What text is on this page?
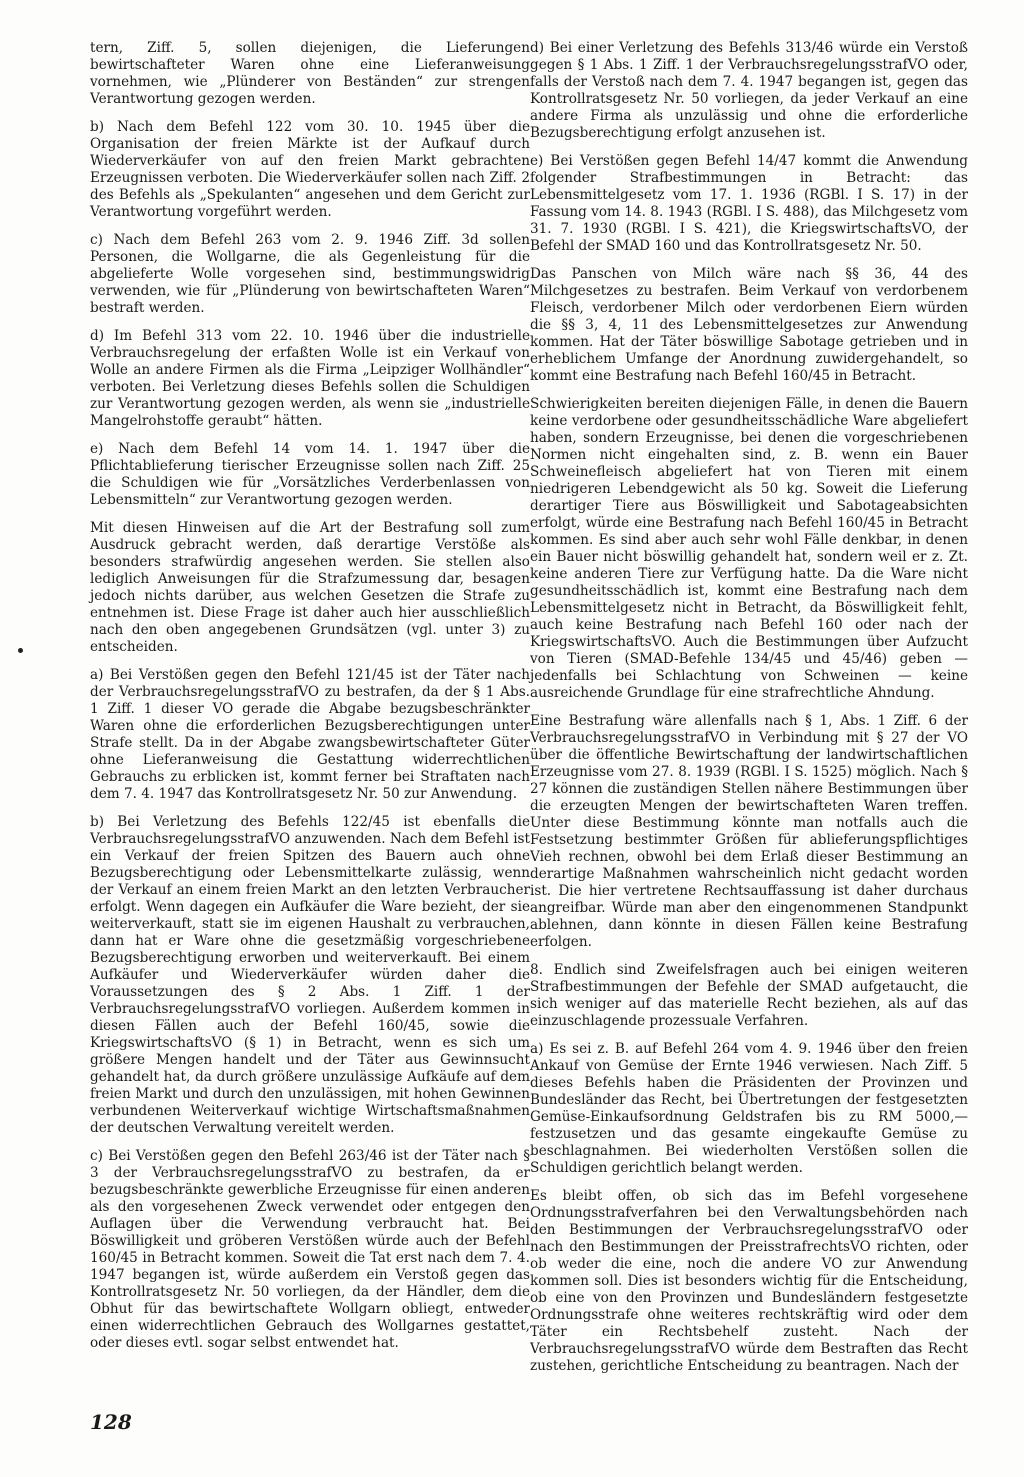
tern, Ziff. 5, sollen diejenigen, die Lieferungen bewirtschafteter Waren ohne eine Lieferanweisung vornehmen, wie „Plünderer von Beständen“ zur strengen Verantwortung gezogen werden.

b) Nach dem Befehl 122 vom 30. 10. 1945 über die Organisation der freien Märkte ist der Aufkauf durch Wiederverkäufer von auf den freien Markt gebrachten Erzeugnissen verboten. Die Wiederverkäufer sollen nach Ziff. 2 des Befehls als „Spekulanten“ angesehen und dem Gericht zur Verantwortung vorgeführt werden.

c) Nach dem Befehl 263 vom 2. 9. 1946 Ziff. 3d sollen Personen, die Wollgarne, die als Gegenleistung für die abgelieferte Wolle vorgesehen sind, bestimmungswidrig verwenden, wie für „Plünderung von bewirtschafteten Waren“ bestraft werden.

d) Im Befehl 313 vom 22. 10. 1946 über die industrielle Verbrauchsregelung der erfaßten Wolle ist ein Verkauf von Wolle an andere Firmen als die Firma „Leipziger Wollhändler“ verboten. Bei Verletzung dieses Befehls sollen die Schuldigen zur Verantwortung gezogen werden, als wenn sie „industrielle Mangelrohstoffe geraubt“ hätten.

e) Nach dem Befehl 14 vom 14. 1. 1947 über die Pflichtablieferung tierischer Erzeugnisse sollen nach Ziff. 25 die Schuldigen wie für „Vorsätzliches Verderbenlassen von Lebensmitteln“ zur Verantwortung gezogen werden.

Mit diesen Hinweisen auf die Art der Bestrafung soll zum Ausdruck gebracht werden, daß derartige Verstöße als besonders strafwürdig angesehen werden. Sie stellen also lediglich Anweisungen für die Strafzumessung dar, besagen jedoch nichts darüber, aus welchen Gesetzen die Strafe zu entnehmen ist. Diese Frage ist daher auch hier ausschließlich nach den oben angegebenen Grundsätzen (vgl. unter 3) zu entscheiden.

a) Bei Verstößen gegen den Befehl 121/45 ist der Täter nach der VerbrauchsregelungsstrafVO zu bestrafen, da der § 1 Abs. 1 Ziff. 1 dieser VO gerade die Abgabe bezugsbeschränkter Waren ohne die erforderlichen Bezugsberechtigungen unter Strafe stellt. Da in der Abgabe zwangsbewirtschafteter Güter ohne Lieferanweisung die Gestattung widerrechtlichen Gebrauchs zu erblicken ist, kommt ferner bei Straftaten nach dem 7. 4. 1947 das Kontrollratsgesetz Nr. 50 zur Anwendung.

b) Bei Verletzung des Befehls 122/45 ist ebenfalls die VerbrauchsregelungsstrafVO anzuwenden. Nach dem Befehl ist ein Verkauf der freien Spitzen des Bauern auch ohne Bezugsberechtigung oder Lebensmittelkarte zulässig, wenn der Verkauf an einem freien Markt an den letzten Verbraucher erfolgt. Wenn dagegen ein Aufkäufer die Ware bezieht, der sie weiterverkauft, statt sie im eigenen Haushalt zu verbrauchen, dann hat er Ware ohne die gesetzmäßig vorgeschriebene Bezugsberechtigung erworben und weiterverkauft. Bei einem Aufkäufer und Wiederverkäufer würden daher die Voraussetzungen des § 2 Abs. 1 Ziff. 1 der VerbrauchsregelungsstrafVO vorliegen. Außerdem kommen in diesen Fällen auch der Befehl 160/45, sowie die KriegswirtschaftsVO (§ 1) in Betracht, wenn es sich um größere Mengen handelt und der Täter aus Gewinnsucht gehandelt hat, da durch größere unzulässige Aufkäufe auf dem freien Markt und durch den unzulässigen, mit hohen Gewinnen verbundenen Weiterverkauf wichtige Wirtschaftsmaßnahmen der deutschen Verwaltung vereitelt werden.

c) Bei Verstößen gegen den Befehl 263/46 ist der Täter nach § 3 der VerbrauchsregelungsstrafVO zu bestrafen, da er bezugsbeschränkte gewerbliche Erzeugnisse für einen anderen als den vorgesehenen Zweck verwendet oder entgegen den Auflagen über die Verwendung verbraucht hat. Bei Böswilligkeit und gröberen Verstößen würde auch der Befehl 160/45 in Betracht kommen. Soweit die Tat erst nach dem 7. 4. 1947 begangen ist, würde außerdem ein Verstoß gegen das Kontrollratsgesetz Nr. 50 vorliegen, da der Händler, dem die Obhut für das bewirtschaftete Wollgarn obliegt, entweder einen widerrechtlichen Gebrauch des Wollgarnes gestattet, oder dieses evtl. sogar selbst entwendet hat.

d) Bei einer Verletzung des Befehls 313/46 würde ein Verstoß gegen § 1 Abs. 1 Ziff. 1 der VerbrauchsregelungsstrafVO oder, falls der Verstoß nach dem 7. 4. 1947 begangen ist, gegen das Kontrollratsgesetz Nr. 50 vorliegen, da jeder Verkauf an eine andere Firma als unzulässig und ohne die erforderliche Bezugsberechtigung erfolgt anzusehen ist.

e) Bei Verstößen gegen Befehl 14/47 kommt die Anwendung folgender Strafbestimmungen in Betracht: das Lebensmittelgesetz vom 17. 1. 1936 (RGBl. I S. 17) in der Fassung vom 14. 8. 1943 (RGBl. I S. 488), das Milchgesetz vom 31. 7. 1930 (RGBl. I S. 421), die KriegswirtschaftsVO, der Befehl der SMAD 160 und das Kontrollratsgesetz Nr. 50.

Das Panschen von Milch wäre nach §§ 36, 44 des Milchgesetzes zu bestrafen. Beim Verkauf von verdorbenem Fleisch, verdorbener Milch oder verdorbenen Eiern würden die §§ 3, 4, 11 des Lebensmittelgesetzes zur Anwendung kommen. Hat der Täter böswillige Sabotage getrieben und in erheblichem Umfange der Anordnung zuwidergehandelt, so kommt eine Bestrafung nach Befehl 160/45 in Betracht.

Schwierigkeiten bereiten diejenigen Fälle, in denen die Bauern keine verdorbene oder gesundheitsschädliche Ware abgeliefert haben, sondern Erzeugnisse, bei denen die vorgeschriebenen Normen nicht eingehalten sind, z. B. wenn ein Bauer Schweinefleisch abgeliefert hat von Tieren mit einem niedrigeren Lebendgewicht als 50 kg. Soweit die Lieferung derartiger Tiere aus Böswilligkeit und Sabotageabsichten erfolgt, würde eine Bestrafung nach Befehl 160/45 in Betracht kommen. Es sind aber auch sehr wohl Fälle denkbar, in denen ein Bauer nicht böswillig gehandelt hat, sondern weil er z. Zt. keine anderen Tiere zur Verfügung hatte. Da die Ware nicht gesundheitsschädlich ist, kommt eine Bestrafung nach dem Lebensmittelgesetz nicht in Betracht, da Böswilligkeit fehlt, auch keine Bestrafung nach Befehl 160 oder nach der KriegswirtschaftsVO. Auch die Bestimmungen über Aufzucht von Tieren (SMAD-Befehle 134/45 und 45/46) geben — jedenfalls bei Schlachtung von Schweinen — keine ausreichende Grundlage für eine strafrechtliche Ahndung.

Eine Bestrafung wäre allenfalls nach § 1, Abs. 1 Ziff. 6 der VerbrauchsregelungsstrafVO in Verbindung mit § 27 der VO über die öffentliche Bewirtschaftung der landwirtschaftlichen Erzeugnisse vom 27. 8. 1939 (RGBl. I S. 1525) möglich. Nach § 27 können die zuständigen Stellen nähere Bestimmungen über die erzeugten Mengen der bewirtschafteten Waren treffen. Unter diese Bestimmung könnte man notfalls auch die Festsetzung bestimmter Größen für ablieferungspflichtiges Vieh rechnen, obwohl bei dem Erlaß dieser Bestimmung an derartige Maßnahmen wahrscheinlich nicht gedacht worden ist. Die hier vertretene Rechtsauffassung ist daher durchaus angreifbar. Würde man aber den eingenommenen Standpunkt ablehnen, dann könnte in diesen Fällen keine Bestrafung erfolgen.

8. Endlich sind Zweifelsfragen auch bei einigen weiteren Strafbestimmungen der Befehle der SMAD aufgetaucht, die sich weniger auf das materielle Recht beziehen, als auf das einzuschlagende prozessuale Verfahren.

a) Es sei z. B. auf Befehl 264 vom 4. 9. 1946 über den freien Ankauf von Gemüse der Ernte 1946 verwiesen. Nach Ziff. 5 dieses Befehls haben die Präsidenten der Provinzen und Bundesländer das Recht, bei Übertretungen der festgesetzten Gemüse-Einkaufsordnung Geldstrafen bis zu RM 5000,— festzusetzen und das gesamte eingekaufte Gemüse zu beschlagnahmen. Bei wiederholten Verstößen sollen die Schuldigen gerichtlich belangt werden.

Es bleibt offen, ob sich das im Befehl vorgesehene Ordnungsstrafverfahren bei den Verwaltungsbehörden nach den Bestimmungen der VerbrauchsregelungsstrafVO oder nach den Bestimmungen der PreisstrafrechtsVO richten, oder ob weder die eine, noch die andere VO zur Anwendung kommen soll. Dies ist besonders wichtig für die Entscheidung, ob eine von den Provinzen und Bundesländern festgesetzte Ordnungsstrafe ohne weiteres rechtskräftig wird oder dem Täter ein Rechtsbehelf zusteht. Nach der VerbrauchsregelungsstrafVO würde dem Bestraften das Recht zustehen, gerichtliche Entscheidung zu beantragen. Nach der

128
